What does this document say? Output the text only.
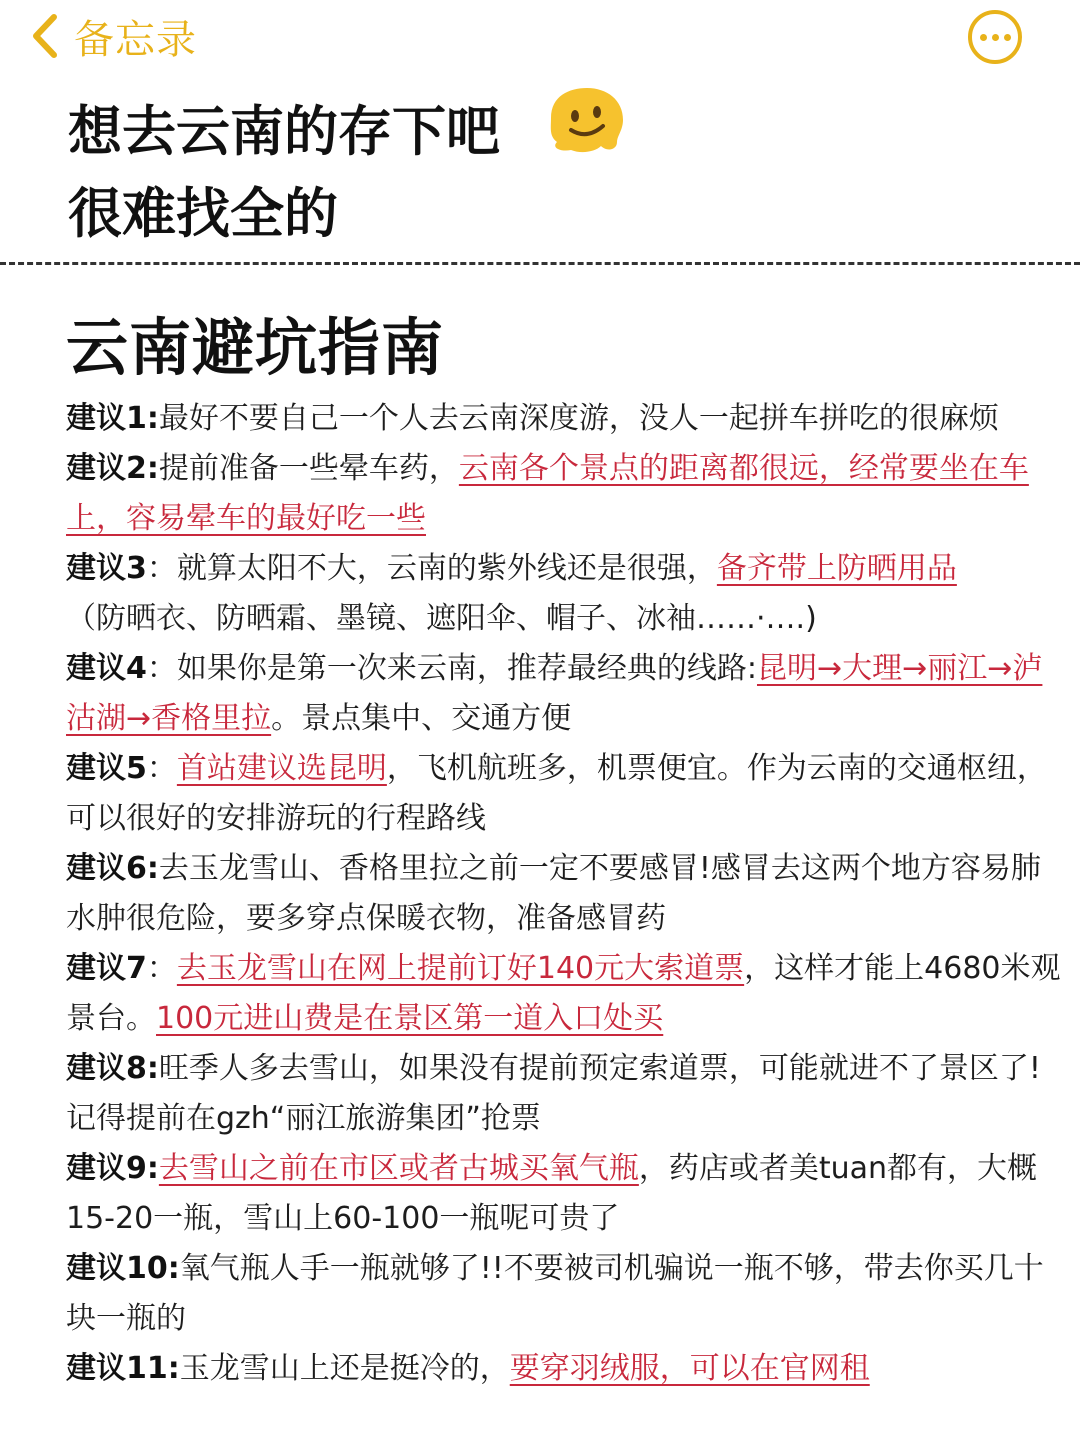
备忘录
想去云南的存下吧
很难找全的
云南避坑指南

建议1:最好不要自己一个人去云南深度游，没人一起拼车拼吃的很麻烦

建议2:提前准备一些晕车药，云南各个景点的距离都很远，经常要坐在车上，容易晕车的最好吃一些

建议3：就算太阳不大，云南的紫外线还是很强，备齐带上防晒用品
（防晒衣、防晒霜、墨镜、遮阳伞、帽子、冰袖……·….)

建议4：如果你是第一次来云南，推荐最经典的线路:昆明→大理→丽江→泸沽湖→香格里拉。景点集中、交通方便

建议5：首站建议选昆明，飞机航班多，机票便宜。作为云南的交通枢纽，可以很好的安排游玩的行程路线

建议6:去玉龙雪山、香格里拉之前一定不要感冒!感冒去这两个地方容易肺水肿很危险，要多穿点保暖衣物，准备感冒药

建议7：去玉龙雪山在网上提前订好140元大索道票，这样才能上4680米观景台。100元进山费是在景区第一道入口处买

建议8:旺季人多去雪山，如果没有提前预定索道票，可能就进不了景区了!记得提前在gzh“丽江旅游集团”抢票

建议9:去雪山之前在市区或者古城买氧气瓶，药店或者美tuan都有，大概15-20一瓶，雪山上60-100一瓶呢可贵了

建议10:氧气瓶人手一瓶就够了!!不要被司机骗说一瓶不够，带去你买几十块一瓶的

建议11:玉龙雪山上还是挺冷的，要穿羽绒服，可以在官网租
